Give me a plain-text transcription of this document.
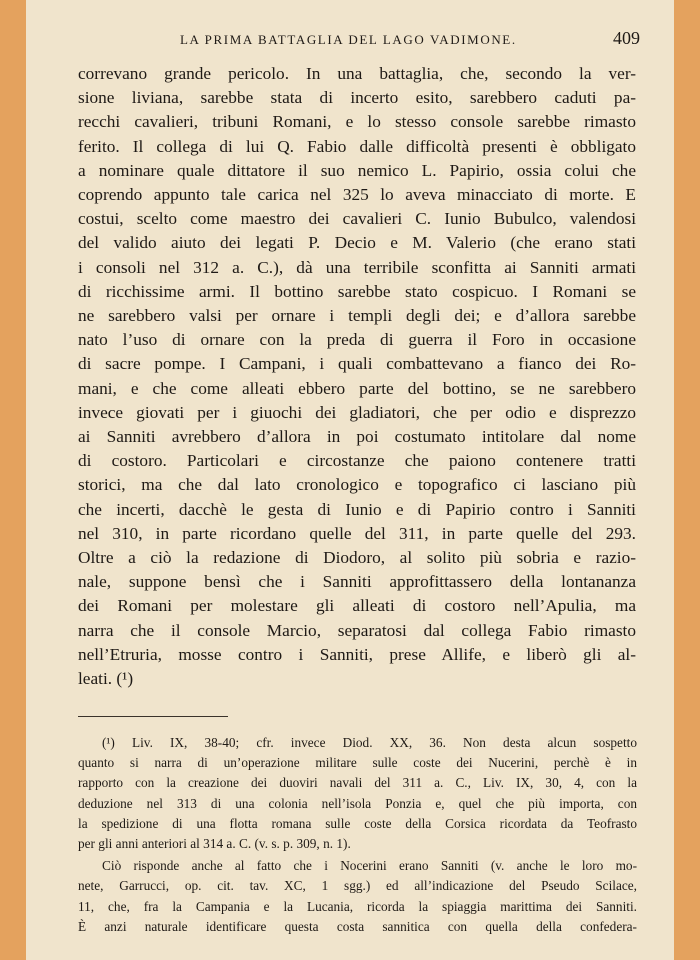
LA PRIMA BATTAGLIA DEL LAGO VADIMONE.	409

correvano grande pericolo. In una battaglia, che, secondo la ver-
sione liviana, sarebbe stata di incerto esito, sarebbero caduti pa-
recchi cavalieri, tribuni Romani, e lo stesso console sarebbe rimasto
ferito. Il collega di lui Q. Fabio dalle difficoltà presenti è obbligato
a nominare quale dittatore il suo nemico L. Papirio, ossia colui che
coprendo appunto tale carica nel 325 lo aveva minacciato di morte. E
costui, scelto come maestro dei cavalieri C. Iunio Bubulco, valendosi
del valido aiuto dei legati P. Decio e M. Valerio (che erano stati
i consoli nel 312 a. C.), dà una terribile sconfitta ai Sanniti armati
di ricchissime armi. Il bottino sarebbe stato cospicuo. I Romani se
ne sarebbero valsi per ornare i templi degli dei; e d’allora sarebbe
nato l’uso di ornare con la preda di guerra il Foro in occasione
di sacre pompe. I Campani, i quali combattevano a fianco dei Ro-
mani, e che come alleati ebbero parte del bottino, se ne sarebbero
invece giovati per i giuochi dei gladiatori, che per odio e disprezzo
ai Sanniti avrebbero d’allora in poi costumato intitolare dal nome
di costoro. Particolari e circostanze che paiono contenere tratti
storici, ma che dal lato cronologico e topografico ci lasciano più
che incerti, dacchè le gesta di Iunio e di Papirio contro i Sanniti
nel 310, in parte ricordano quelle del 311, in parte quelle del 293.
Oltre a ciò la redazione di Diodoro, al solito più sobria e razio-
nale, suppone bensì che i Sanniti approfittassero della lontananza
dei Romani per molestare gli alleati di costoro nell’Apulia, ma
narra che il console Marcio, separatosi dal collega Fabio rimasto
nell’Etruria, mosse contro i Sanniti, prese Allife, e liberò gli al-
leati. (¹)

(¹) Liv. IX, 38-40; cfr. invece Diod. XX, 36. Non desta alcun sospetto
quanto si narra di un’operazione militare sulle coste dei Nucerini, perchè è in
rapporto con la creazione dei duoviri navali del 311 a. C., Liv. IX, 30, 4, con la
deduzione nel 313 di una colonia nell’isola Ponzia e, quel che più importa, con
la spedizione di una flotta romana sulle coste della Corsica ricordata da Teofrasto
per gli anni anteriori al 314 a. C. (v. s. p. 309, n. 1).
Ciò risponde anche al fatto che i Nocerini erano Sanniti (v. anche le loro mo-
nete, Garrucci, op. cit. tav. XC, 1 sgg.) ed all’indicazione del Pseudo Scilace,
11, che, fra la Campania e la Lucania, ricorda la spiaggia marittima dei Sanniti.
È anzi naturale identificare questa costa sannitica con quella della confedera-
